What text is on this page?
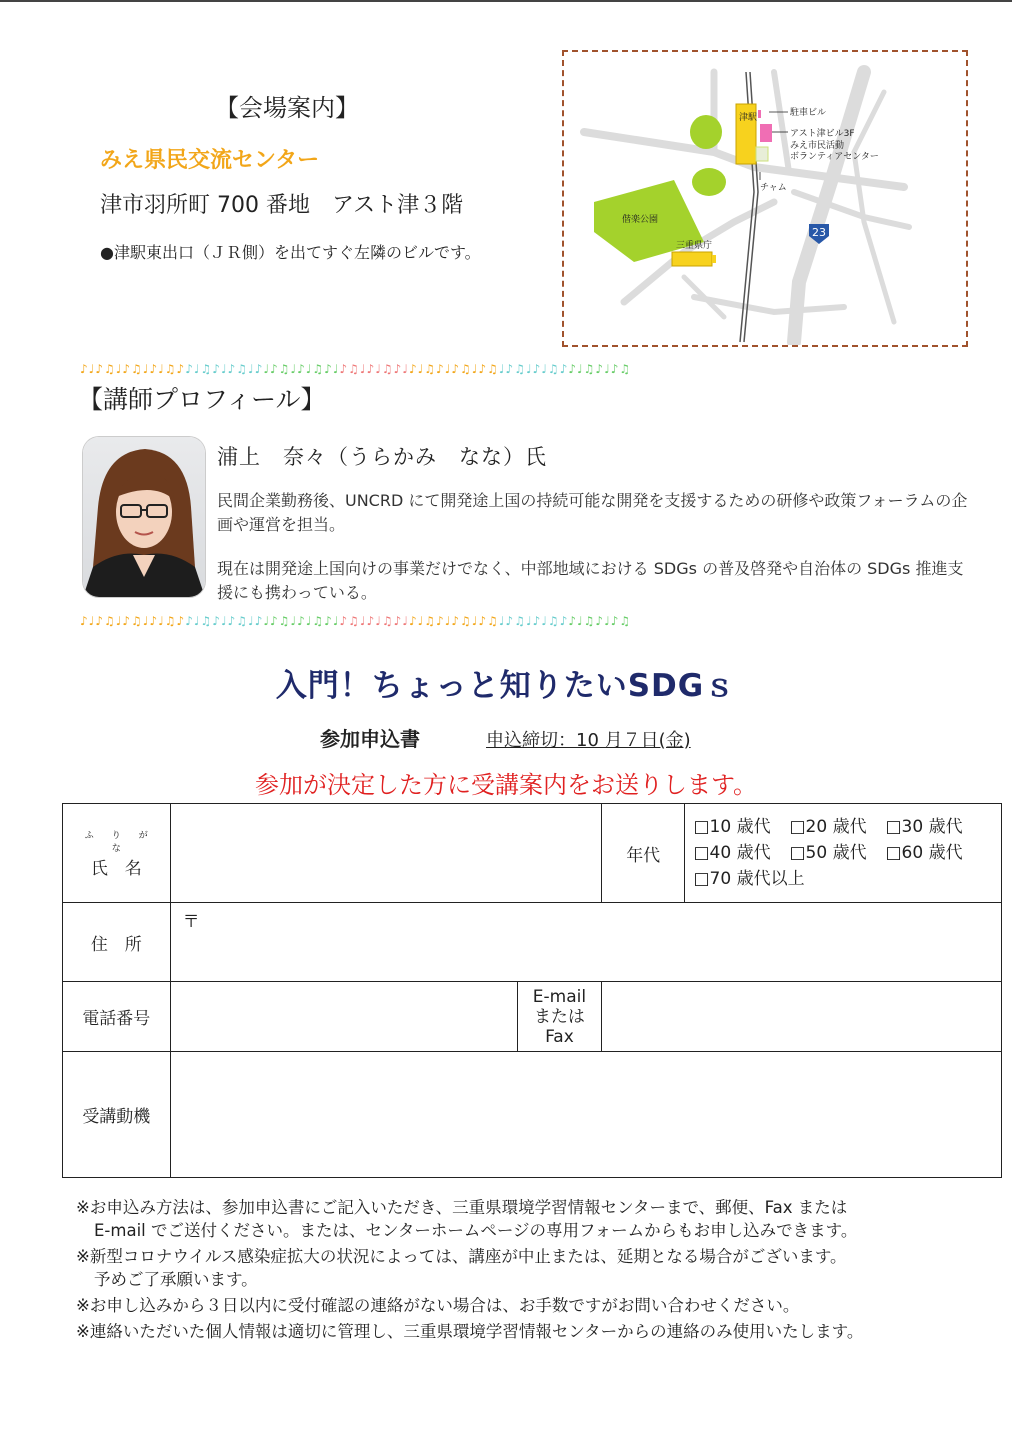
【会場案内】
みえ県民交流センター
津市羽所町 700 番地　アスト津３階
●津駅東出口（ＪＲ側）を出てすぐ左隣のビルです。
駐車ビル
津駅
アスト津ビル3F
みえ市民活動
ボランティアセンター
チャム
偕楽公園
三重県庁
23
♪♩♪♫♩♪♫♩♪♩♫♪♪♩♫♪♩♪♫♩♪♩♪♫♩♪♩♫♪♩♪♫♩♪♩♫♪♩♪♩♫♪♩♪♫♩♪♫♩♪♫♩♪♩♫♪♪♩♫♪♩♪♫
【講師プロフィール】
浦上　奈々（うらかみ　なな）氏
民間企業勤務後、UNCRD にて開発途上国の持続可能な開発を支援するための研修や政策フォーラムの企画や運営を担当。
現在は開発途上国向けの事業だけでなく、中部地域における SDGs の普及啓発や自治体の SDGs 推進支援にも携わっている。
♪♩♪♫♩♪♫♩♪♩♫♪♪♩♫♪♩♪♫♩♪♩♪♫♩♪♩♫♪♩♪♫♩♪♩♫♪♩♪♩♫♪♩♪♫♩♪♫♩♪♫♩♪♩♫♪♪♩♫♪♩♪♫
入門！ちょっと知りたいSDGｓ
参加申込書	申込締切：10 月７日(金)
参加が決定した方に受講案内をお送りします。
ふりがな
氏　名			年代	□10 歳代 □20 歳代 □30 歳代
□40 歳代 □50 歳代 □60 歳代
□70 歳代以上
住　所	〒			
電話番号		E-mail
または
Fax		
受講動機				
※お申込み方法は、参加申込書にご記入いただき、三重県環境学習情報センターまで、郵便、Fax または
E-mail でご送付ください。または、センターホームページの専用フォームからもお申し込みできます。
※新型コロナウイルス感染症拡大の状況によっては、講座が中止または、延期となる場合がございます。
予めご了承願います。
※お申し込みから３日以内に受付確認の連絡がない場合は、お手数ですがお問い合わせください。
※連絡いただいた個人情報は適切に管理し、三重県環境学習情報センターからの連絡のみ使用いたします。
